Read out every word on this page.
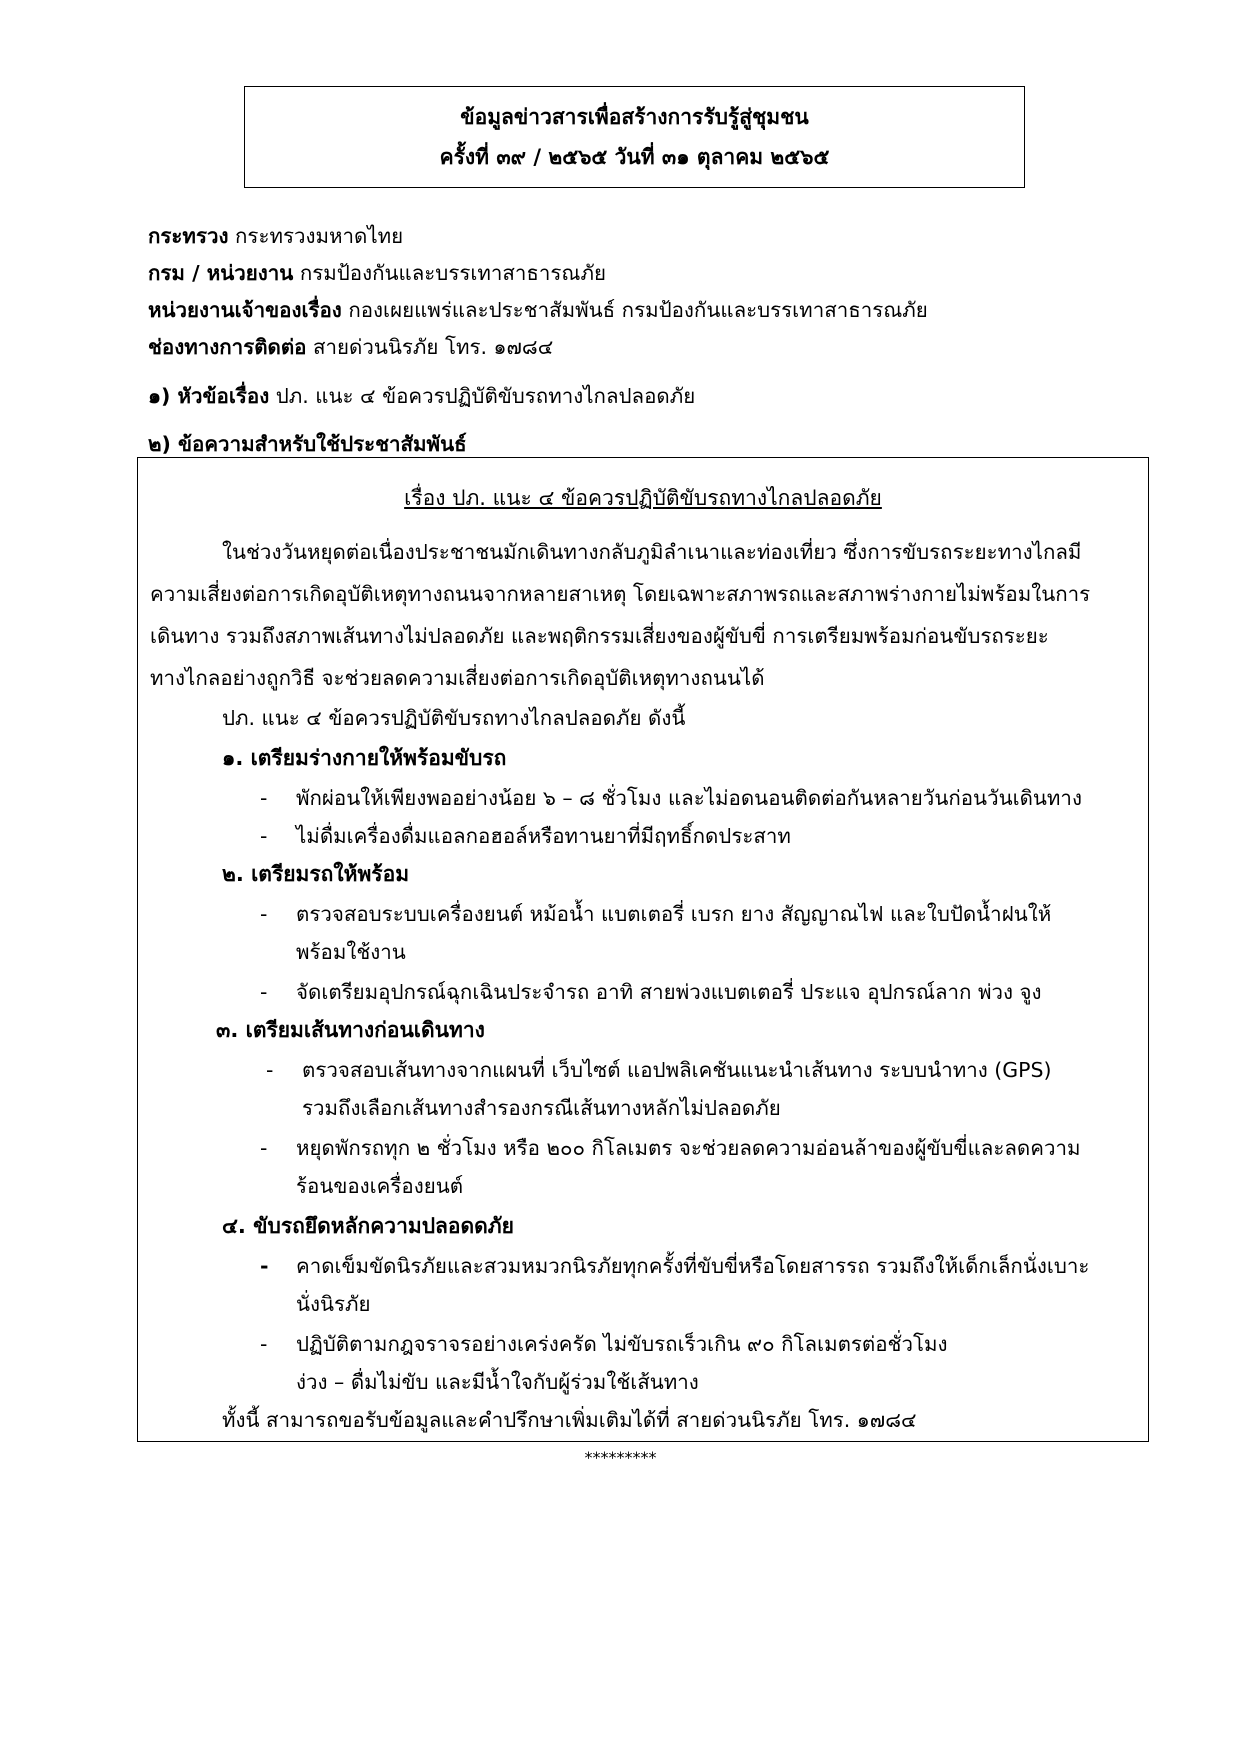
ข้อมูลข่าวสารเพื่อสร้างการรับรู้สู่ชุมชน
ครั้งที่ ๓๙ / ๒๕๖๕ วันที่ ๓๑ ตุลาคม ๒๕๖๕
กระทรวง กระทรวงมหาดไทย
กรม / หน่วยงาน กรมป้องกันและบรรเทาสาธารณภัย
หน่วยงานเจ้าของเรื่อง กองเผยแพร่และประชาสัมพันธ์ กรมป้องกันและบรรเทาสาธารณภัย
ช่องทางการติดต่อ สายด่วนนิรภัย โทร. ๑๗๘๔
๑) หัวข้อเรื่อง ปภ. แนะ ๔ ข้อควรปฏิบัติขับรถทางไกลปลอดภัย
๒) ข้อความสำหรับใช้ประชาสัมพันธ์
เรื่อง ปภ. แนะ ๔ ข้อควรปฏิบัติขับรถทางไกลปลอดภัย
ในช่วงวันหยุดต่อเนื่องประชาชนมักเดินทางกลับภูมิลำเนาและท่องเที่ยว ซึ่งการขับรถระยะทางไกลมี
ความเสี่ยงต่อการเกิดอุบัติเหตุทางถนนจากหลายสาเหตุ โดยเฉพาะสภาพรถและสภาพร่างกายไม่พร้อมในการ
เดินทาง รวมถึงสภาพเส้นทางไม่ปลอดภัย และพฤติกรรมเสี่ยงของผู้ขับขี่ การเตรียมพร้อมก่อนขับรถระยะ
ทางไกลอย่างถูกวิธี จะช่วยลดความเสี่ยงต่อการเกิดอุบัติเหตุทางถนนได้
ปภ. แนะ ๔ ข้อควรปฏิบัติขับรถทางไกลปลอดภัย ดังนี้
๑. เตรียมร่างกายให้พร้อมขับรถ
- พักผ่อนให้เพียงพออย่างน้อย ๖ – ๘ ชั่วโมง และไม่อดนอนติดต่อกันหลายวันก่อนวันเดินทาง
- ไม่ดื่มเครื่องดื่มแอลกอฮอล์หรือทานยาที่มีฤทธิ์กดประสาท
๒. เตรียมรถให้พร้อม
- ตรวจสอบระบบเครื่องยนต์ หม้อน้ำ แบตเตอรี่ เบรก ยาง สัญญาณไฟ และใบปัดน้ำฝนให้
พร้อมใช้งาน
- จัดเตรียมอุปกรณ์ฉุกเฉินประจำรถ อาทิ สายพ่วงแบตเตอรี่ ประแจ อุปกรณ์ลาก พ่วง จูง
๓. เตรียมเส้นทางก่อนเดินทาง
- ตรวจสอบเส้นทางจากแผนที่ เว็บไซต์ แอปพลิเคชันแนะนำเส้นทาง ระบบนำทาง (GPS)
รวมถึงเลือกเส้นทางสำรองกรณีเส้นทางหลักไม่ปลอดภัย
- หยุดพักรถทุก ๒ ชั่วโมง หรือ ๒๐๐ กิโลเมตร จะช่วยลดความอ่อนล้าของผู้ขับขี่และลดความ
ร้อนของเครื่องยนต์
๔. ขับรถยึดหลักความปลอดดภัย
- คาดเข็มขัดนิรภัยและสวมหมวกนิรภัยทุกครั้งที่ขับขี่หรือโดยสารรถ รวมถึงให้เด็กเล็กนั่งเบาะ
นั่งนิรภัย
- ปฏิบัติตามกฎจราจรอย่างเคร่งครัด ไม่ขับรถเร็วเกิน ๙๐ กิโลเมตรต่อชั่วโมง
ง่วง – ดื่มไม่ขับ และมีน้ำใจกับผู้ร่วมใช้เส้นทาง
ทั้งนี้ สามารถขอรับข้อมูลและคำปรึกษาเพิ่มเติมได้ที่ สายด่วนนิรภัย โทร. ๑๗๘๔
*********
